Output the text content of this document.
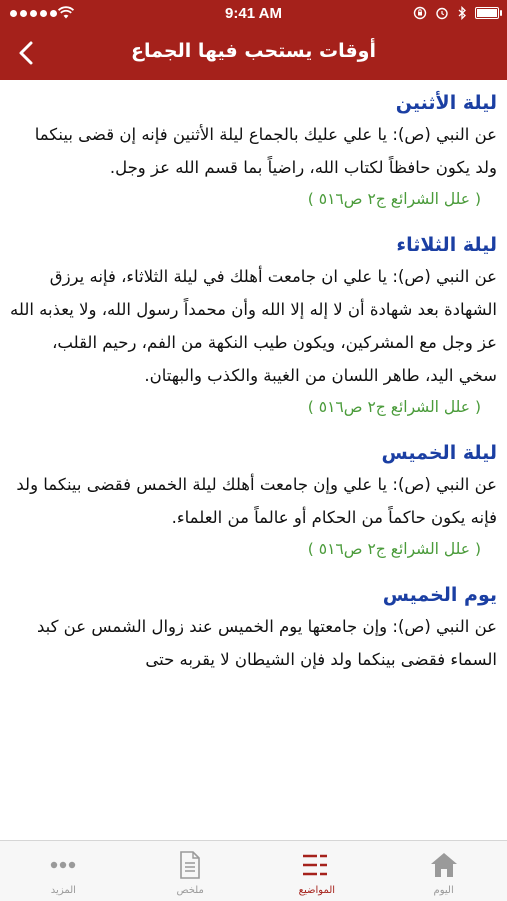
9:41 AM
أوقات يستحب فيها الجماع
ليلة الأثنين

عن النبي (ص): يا علي عليك بالجماع ليلة الأثنين فإنه إن قضى بينكما ولد يكون حافظاً لكتاب الله، راضياً بما قسم الله عز وجل.

( علل الشرائع ج٢ ص٥١٦ )

ليلة الثلاثاء

عن النبي (ص): يا علي ان جامعت أهلك في ليلة الثلاثاء، فإنه يرزق الشهادة بعد شهادة أن لا إله إلا الله وأن محمداً رسول الله، ولا يعذبه الله عز وجل مع المشركين، ويكون طيب النكهة من الفم، رحيم القلب، سخي اليد، طاهر اللسان من الغيبة والكذب والبهتان.

( علل الشرائع ج٢ ص٥١٦ )

ليلة الخميس

عن النبي (ص): يا علي وإن جامعت أهلك ليلة الخمس فقضى بينكما ولد فإنه يكون حاكماً من الحكام أو عالماً من العلماء.

( علل الشرائع ج٢ ص٥١٦ )

يوم الخميس

عن النبي (ص): وإن جامعتها يوم الخميس عند زوال الشمس عن كبد السماء فقضى بينكما ولد فإن الشيطان لا يقربه حتى

المزيد	ملخص	المواضيع	اليوم
